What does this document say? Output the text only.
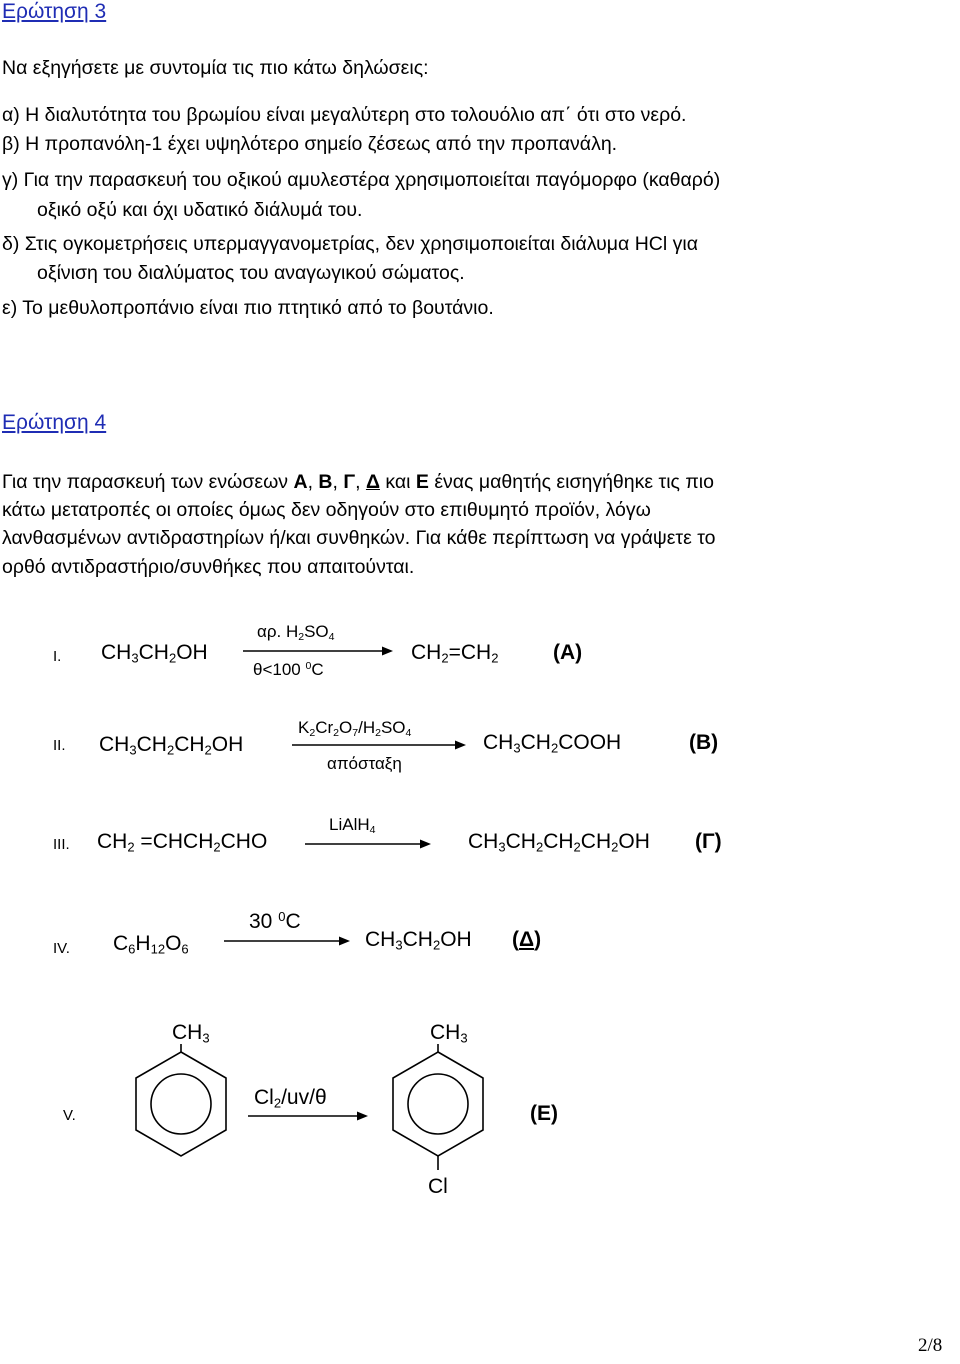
Ερώτηση 3
Να εξηγήσετε με συντομία τις πιο κάτω δηλώσεις:
α) Η διαλυτότητα του βρωμίου είναι μεγαλύτερη στο τολουόλιο απ΄ ότι στο νερό.
β) Η προπανόλη-1 έχει υψηλότερο σημείο ζέσεως από την προπανάλη.
γ) Για την παρασκευή του οξικού αμυλεστέρα χρησιμοποιείται παγόμορφο (καθαρό)
οξικό οξύ και όχι υδατικό διάλυμά του.
δ) Στις ογκομετρήσεις υπερμαγγανομετρίας, δεν χρησιμοποιείται διάλυμα HCl για
οξίνιση του διαλύματος του αναγωγικού σώματος.
ε) Το μεθυλοπροπάνιο είναι πιο πτητικό από το βουτάνιο.
Ερώτηση 4
Για την παρασκευή των ενώσεων Α, Β, Γ, Δ και Ε ένας μαθητής εισηγήθηκε τις πιο
κάτω μετατροπές οι οποίες όμως δεν οδηγούν στο επιθυμητό προϊόν, λόγω
λανθασμένων αντιδραστηρίων ή/και συνθηκών. Για κάθε περίπτωση να γράψετε το
ορθό αντιδραστήριο/συνθήκες που απαιτούνται.
I. $CH_3CH_2OH$
αρ. $H_2SO_4$
θ<100 $^0$C
$CH_2=CH_2$	(Α)
II. $CH_3CH_2CH_2OH$
$K_2Cr_2O_7/H_2SO_4$
απόσταξη
$CH_3CH_2COOH$	(Β)
III. $CH_2$ $=CHCH_2CHO$
LiAlH$_4$
$CH_3CH_2CH_2CH_2OH$ (Γ)
IV. $C_6H_{12}O_6$
30 $^0$C
$CH_3CH_2OH$ (Δ)
V.
$CH_3$
$Cl_2/uv/\theta$
$CH_3$
Cl
(Ε)
2/8
